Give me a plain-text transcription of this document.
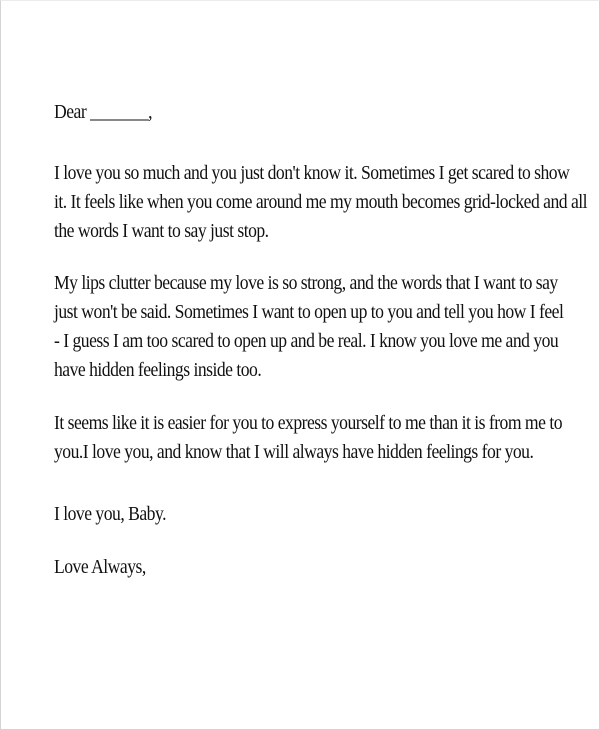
Dear _______,
I love you so much and you just don't know it. Sometimes I get scared to show
it. It feels like when you come around me my mouth becomes grid-locked and all
the words I want to say just stop.
My lips clutter because my love is so strong, and the words that I want to say
just won't be said. Sometimes I want to open up to you and tell you how I feel
- I guess I am too scared to open up and be real. I know you love me and you
have hidden feelings inside too.
It seems like it is easier for you to express yourself to me than it is from me to
you.I love you, and know that I will always have hidden feelings for you.
I love you, Baby.
Love Always,
